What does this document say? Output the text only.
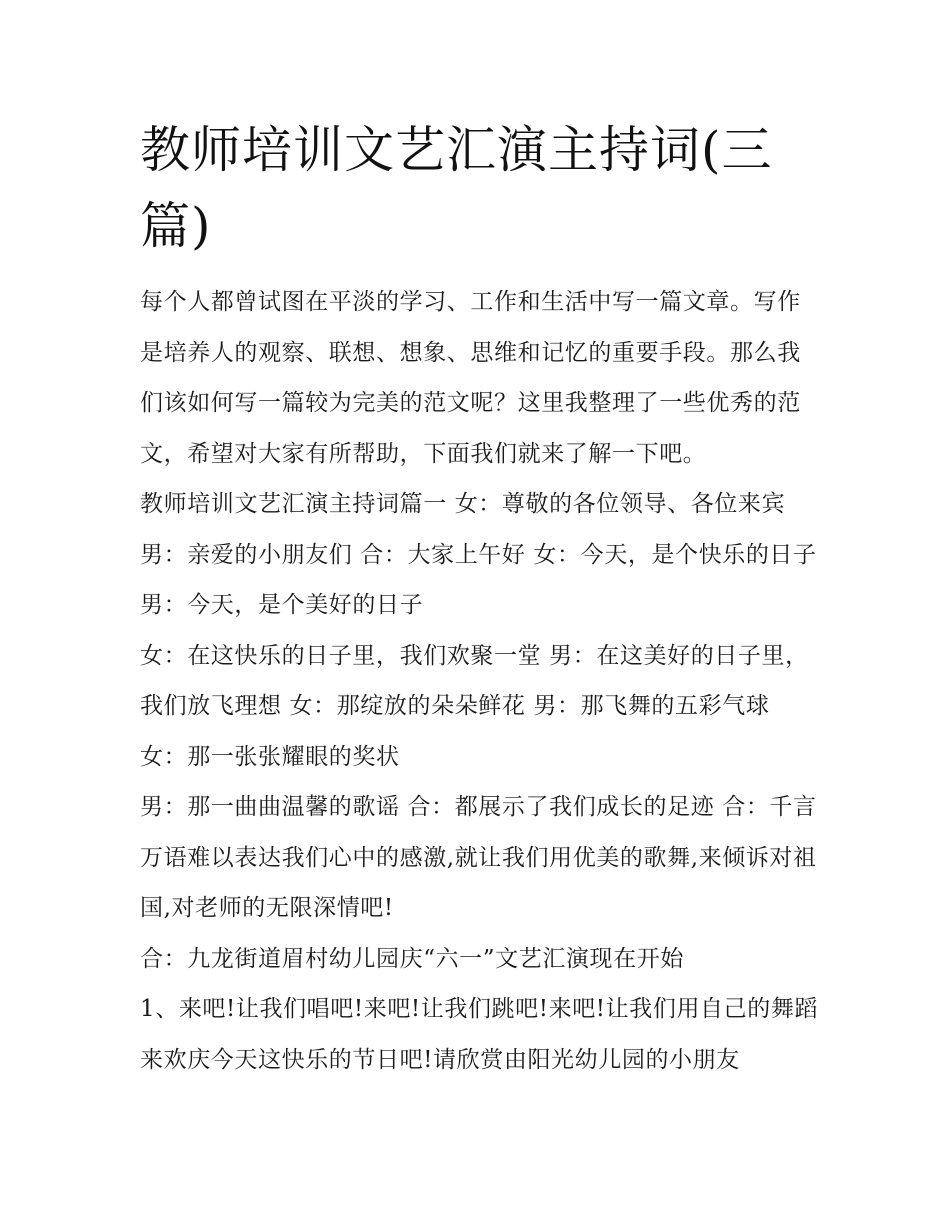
教师培训文艺汇演主持词(三篇)

每个人都曾试图在平淡的学习、工作和生活中写一篇文章。写作是培养人的观察、联想、想象、思维和记忆的重要手段。那么我们该如何写一篇较为完美的范文呢？这里我整理了一些优秀的范文，希望对大家有所帮助，下面我们就来了解一下吧。

教师培训文艺汇演主持词篇一 女：尊敬的各位领导、各位来宾 男：亲爱的小朋友们 合：大家上午好 女：今天，是个快乐的日子 男：今天，是个美好的日子

女：在这快乐的日子里，我们欢聚一堂 男：在这美好的日子里，我们放飞理想 女：那绽放的朵朵鲜花 男：那飞舞的五彩气球 女：那一张张耀眼的奖状

男：那一曲曲温馨的歌谣 合：都展示了我们成长的足迹 合：千言万语难以表达我们心中的感激,就让我们用优美的歌舞,来倾诉对祖国,对老师的无限深情吧!

合：九龙街道眉村幼儿园庆“六一”文艺汇演现在开始

1、来吧!让我们唱吧!来吧!让我们跳吧!来吧!让我们用自己的舞蹈来欢庆今天这快乐的节日吧!请欣赏由阳光幼儿园的小朋友
